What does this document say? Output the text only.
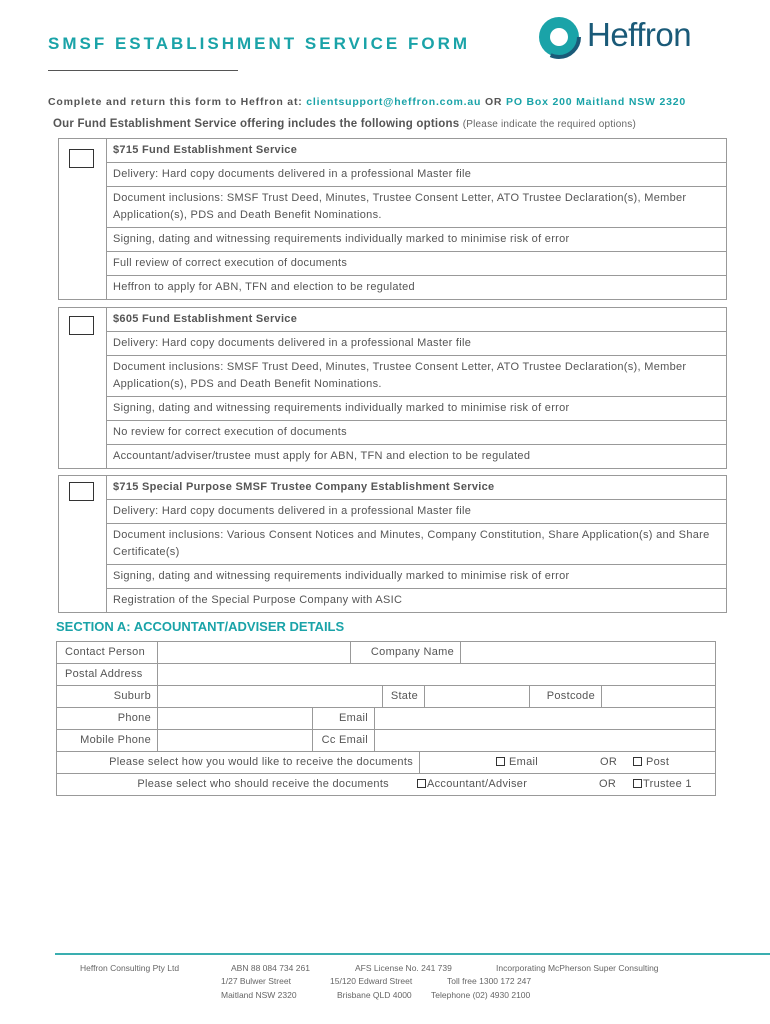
SMSF ESTABLISHMENT SERVICE FORM	Heffron
Complete and return this form to Heffron at: clientsupport@heffron.com.au OR PO Box 200 Maitland NSW 2320
Our Fund Establishment Service offering includes the following options (Please indicate the required options)
$715 Fund Establishment Service
Delivery: Hard copy documents delivered in a professional Master file
Document inclusions: SMSF Trust Deed, Minutes, Trustee Consent Letter, ATO Trustee Declaration(s), Member Application(s), PDS and Death Benefit Nominations.
Signing, dating and witnessing requirements individually marked to minimise risk of error
Full review of correct execution of documents
Heffron to apply for ABN, TFN and election to be regulated
$605 Fund Establishment Service
Delivery: Hard copy documents delivered in a professional Master file
Document inclusions: SMSF Trust Deed, Minutes, Trustee Consent Letter, ATO Trustee Declaration(s), Member Application(s), PDS and Death Benefit Nominations.
Signing, dating and witnessing requirements individually marked to minimise risk of error
No review for correct execution of documents
Accountant/adviser/trustee must apply for ABN, TFN and election to be regulated
$715 Special Purpose SMSF Trustee Company Establishment Service
Delivery: Hard copy documents delivered in a professional Master file
Document inclusions: Various Consent Notices and Minutes, Company Constitution, Share Application(s) and Share Certificate(s)
Signing, dating and witnessing requirements individually marked to minimise risk of error
Registration of the Special Purpose Company with ASIC
SECTION A: ACCOUNTANT/ADVISER DETAILS
Contact Person	Company Name
Postal Address
Suburb	State	Postcode
Phone	Email
Mobile Phone	Cc Email
Please select how you would like to receive the documents	Email	OR	Post
Please select who should receive the documents	Accountant/Adviser	OR	Trustee 1
Heffron Consulting Pty Ltd	ABN 88 084 734 261	AFS License No. 241 739	Incorporating McPherson Super Consulting
1/27 Bulwer Street
Maitland NSW 2320
15/120 Edward Street
Brisbane QLD 4000
Toll free 1300 172 247
Telephone (02) 4930 2100
